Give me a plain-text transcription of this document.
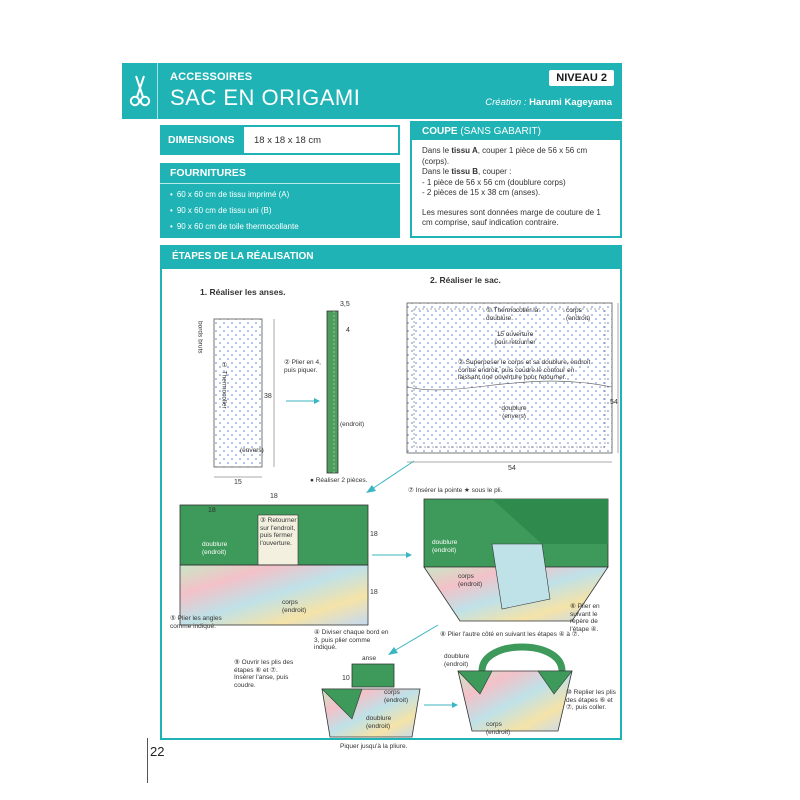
ACCESSOIRES
SAC EN ORIGAMI
NIVEAU 2
Création : Harumi Kageyama
DIMENSIONS	18 x 18 x 18 cm
FOURNITURES
• 60 x 60 cm de tissu imprimé (A)
• 90 x 60 cm de tissu uni (B)
• 90 x 60 cm de toile thermocollante
COUPE (SANS GABARIT)
Dans le tissu A, couper 1 pièce de 56 x 56 cm (corps).
Dans le tissu B, couper :
- 1 pièce de 56 x 56 cm (doublure corps)
- 2 pièces de 15 x 38 cm (anses).
Les mesures sont données marge de couture de 1 cm comprise, sauf indication contraire.
ÉTAPES DE LA RÉALISATION
1. Réaliser les anses.
2. Réaliser le sac.
bords bruts
① Thermocoller
(envers)
15
38
② Plier en 4, puis piquer.
3,5
4
(endroit)
● Réaliser 2 pièces.
① Thermocoller la doublure.
corps (endroit)
15 ouverture pour retourner
② Superposer le corps et sa doublure, endroit contre endroit, puis coudre le contour en laissant une ouverture pour retourner.
doublure (envers)
54
54
18
18
18
18
③ Retourner sur l'endroit, puis fermer l'ouverture.
doublure (endroit)
corps (endroit)
⑤ Plier les angles comme indiqué.
④ Diviser chaque bord en 3, puis plier comme indiqué.
⑦ Insérer la pointe ★ sous le pli.
doublure (endroit)
corps (endroit)
⑥ Plier en suivant le repère de l'étape ④.
⑧ Plier l'autre côté en suivant les étapes ④ à ⑦.
⑨ Ouvrir les plis des étapes ⑥ et ⑦. Insérer l'anse, puis coudre.
anse
10
corps (endroit)
doublure (endroit)
Piquer jusqu'à la pliure.
doublure (endroit)
corps (endroit)
⑩ Replier les plis des étapes ⑥ et ⑦, puis coller.
22
